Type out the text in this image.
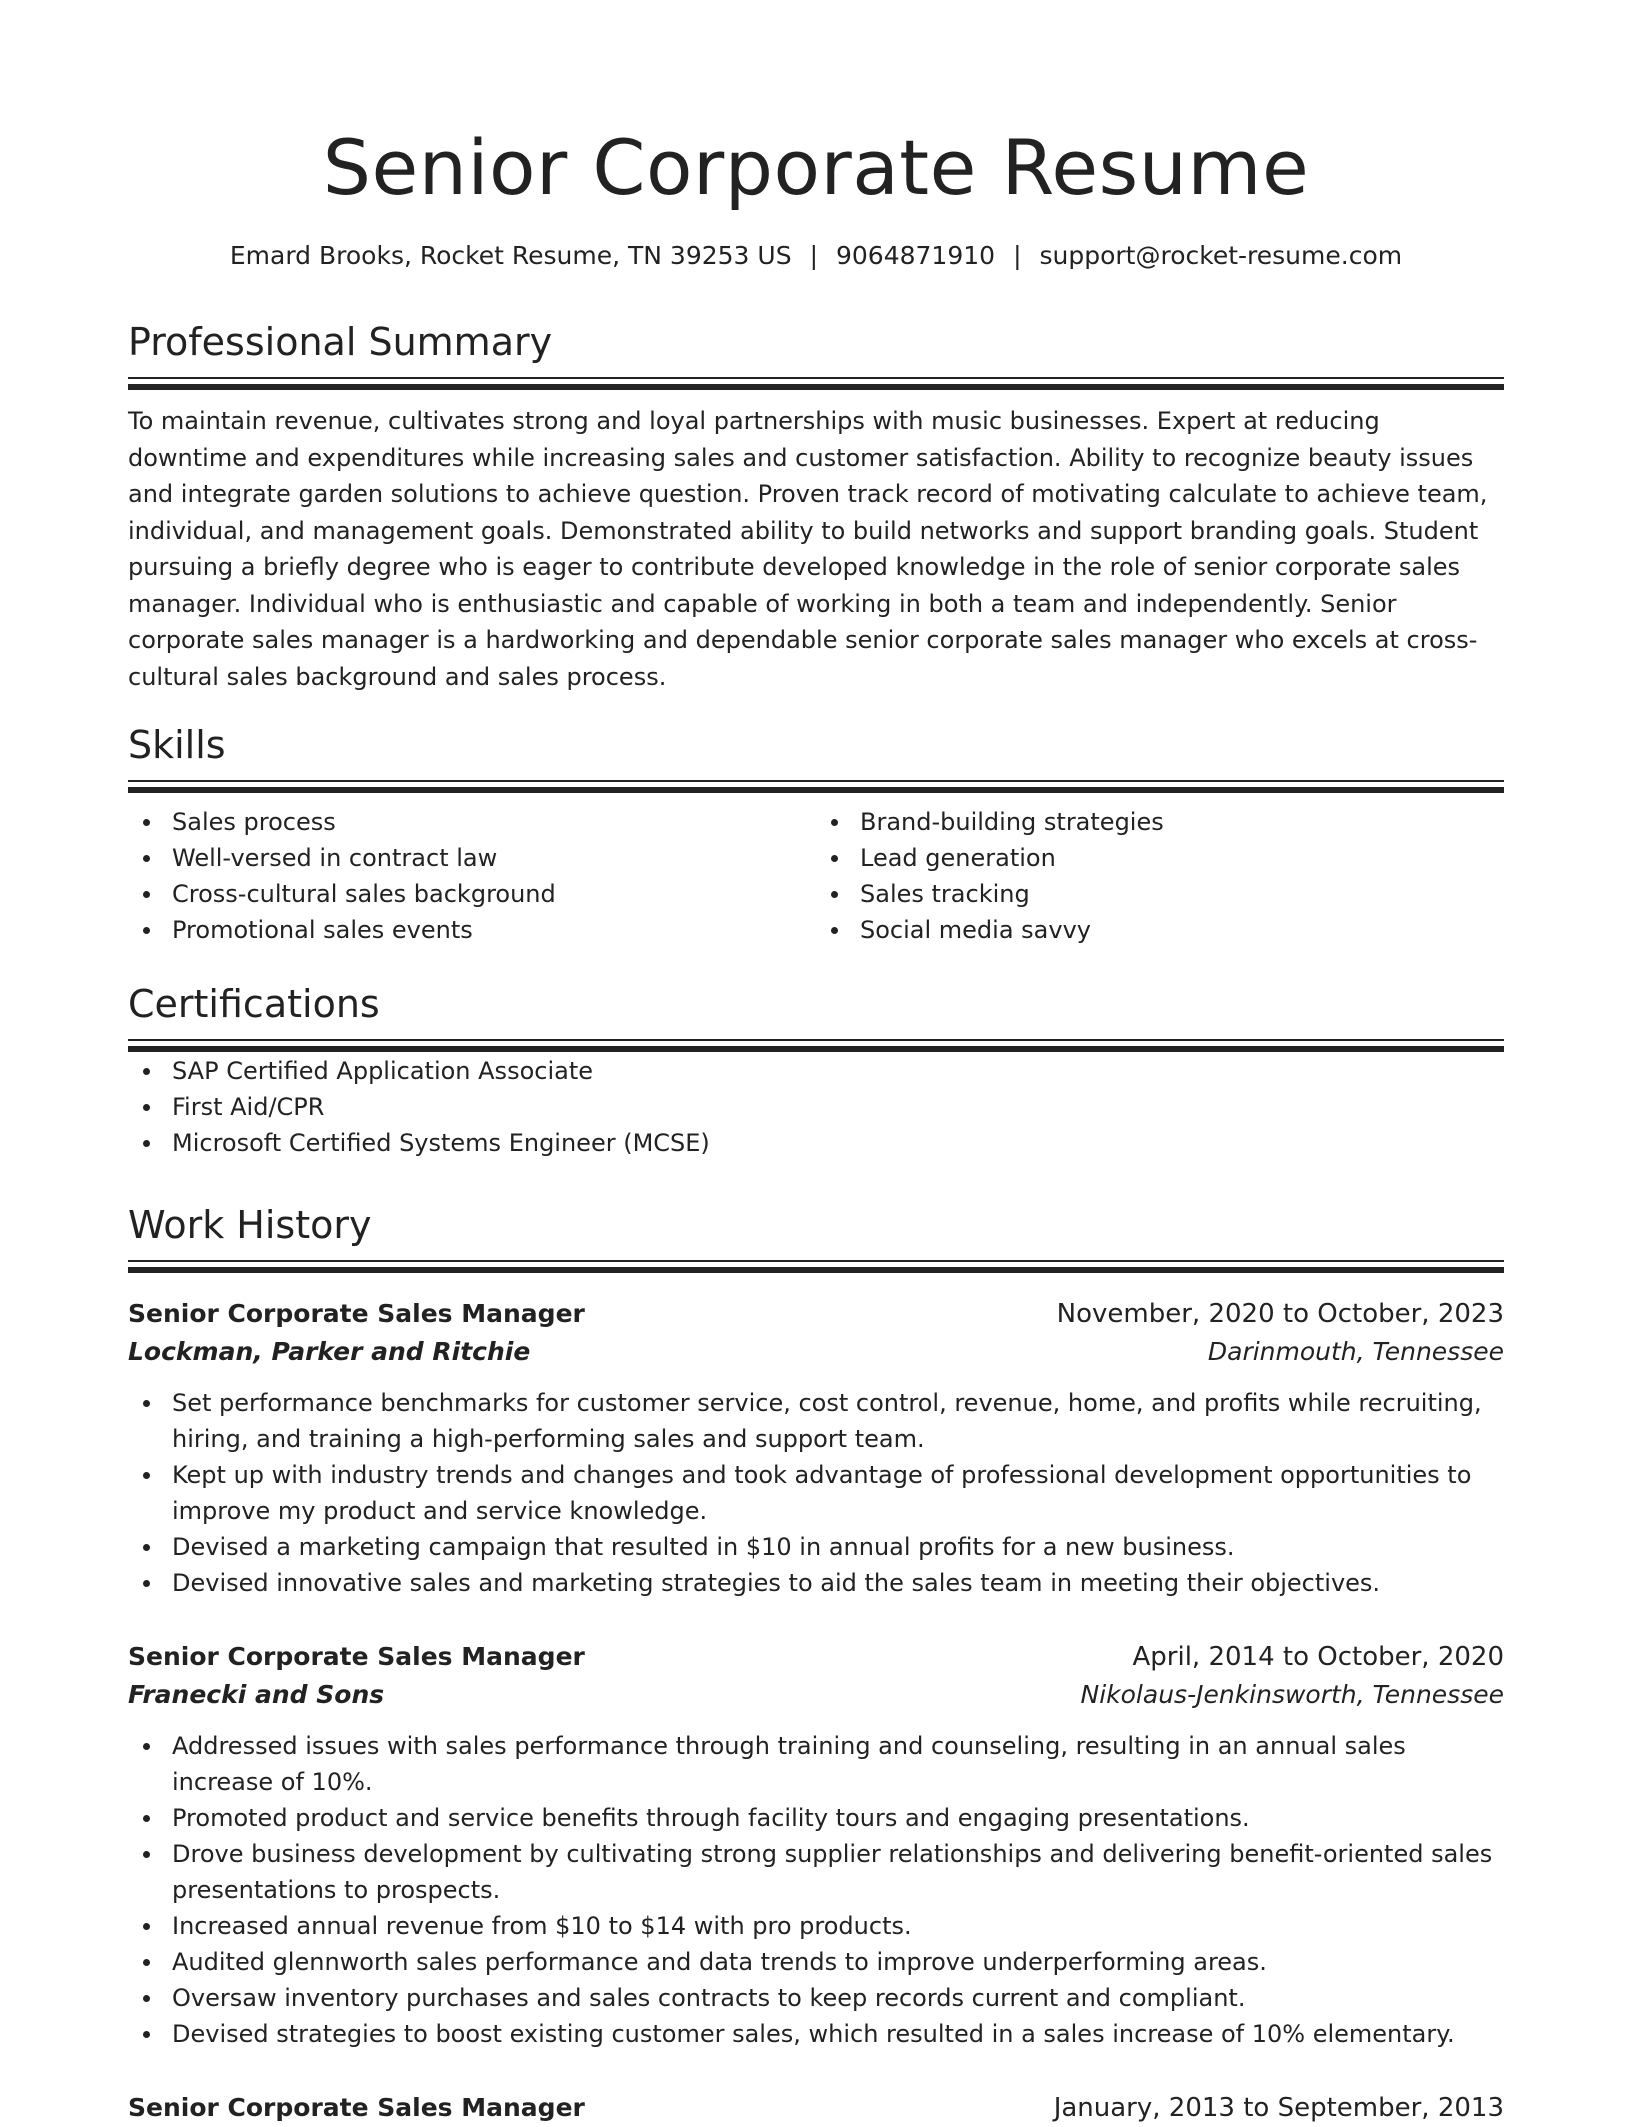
Senior Corporate Resume
Emard Brooks, Rocket Resume, TN 39253 US | 9064871910 | support@rocket-resume.com
Professional Summary
To maintain revenue, cultivates strong and loyal partnerships with music businesses. Expert at reducing downtime and expenditures while increasing sales and customer satisfaction. Ability to recognize beauty issues and integrate garden solutions to achieve question. Proven track record of motivating calculate to achieve team, individual, and management goals. Demonstrated ability to build networks and support branding goals. Student pursuing a briefly degree who is eager to contribute developed knowledge in the role of senior corporate sales manager. Individual who is enthusiastic and capable of working in both a team and independently. Senior corporate sales manager is a hardworking and dependable senior corporate sales manager who excels at cross-cultural sales background and sales process.
Skills
Sales process
Well-versed in contract law
Cross-cultural sales background
Promotional sales events
Brand-building strategies
Lead generation
Sales tracking
Social media savvy
Certifications
SAP Certified Application Associate
First Aid/CPR
Microsoft Certified Systems Engineer (MCSE)
Work History
Senior Corporate Sales Manager	November, 2020 to October, 2023
Lockman, Parker and Ritchie	Darinmouth, Tennessee
Set performance benchmarks for customer service, cost control, revenue, home, and profits while recruiting, hiring, and training a high-performing sales and support team.
Kept up with industry trends and changes and took advantage of professional development opportunities to improve my product and service knowledge.
Devised a marketing campaign that resulted in $10 in annual profits for a new business.
Devised innovative sales and marketing strategies to aid the sales team in meeting their objectives.
Senior Corporate Sales Manager	April, 2014 to October, 2020
Franecki and Sons	Nikolaus-Jenkinsworth, Tennessee
Addressed issues with sales performance through training and counseling, resulting in an annual sales increase of 10%.
Promoted product and service benefits through facility tours and engaging presentations.
Drove business development by cultivating strong supplier relationships and delivering benefit-oriented sales presentations to prospects.
Increased annual revenue from $10 to $14 with pro products.
Audited glennworth sales performance and data trends to improve underperforming areas.
Oversaw inventory purchases and sales contracts to keep records current and compliant.
Devised strategies to boost existing customer sales, which resulted in a sales increase of 10% elementary.
Senior Corporate Sales Manager	January, 2013 to September, 2013
